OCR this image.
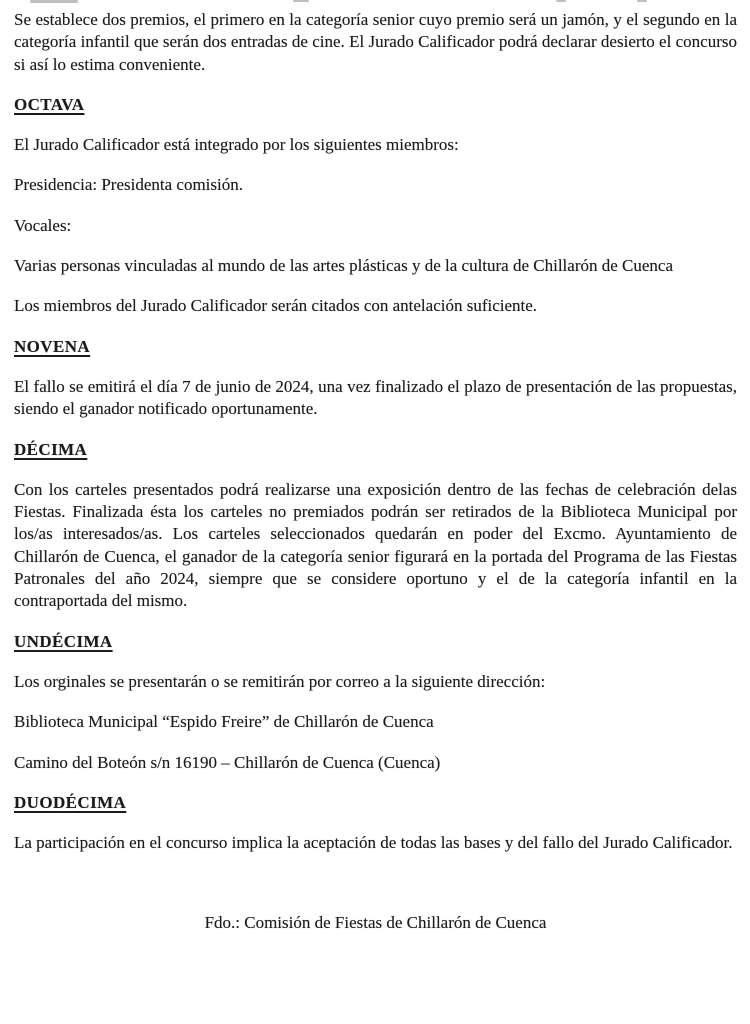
Se establece dos premios, el primero en la categoría senior cuyo premio será un jamón, y el segundo en la categoría infantil que serán dos entradas de cine. El Jurado Calificador podrá declarar desierto el concurso si así lo estima conveniente.

OCTAVA

El Jurado Calificador está integrado por los siguientes miembros:

Presidencia: Presidenta comisión.

Vocales:

Varias personas vinculadas al mundo de las artes plásticas y de la cultura de Chillarón de Cuenca

Los miembros del Jurado Calificador serán citados con antelación suficiente.

NOVENA

El fallo se emitirá el día 7 de junio de 2024, una vez finalizado el plazo de presentación de las propuestas, siendo el ganador notificado oportunamente.

DÉCIMA

Con los carteles presentados podrá realizarse una exposición dentro de las fechas de celebración delas Fiestas. Finalizada ésta los carteles no premiados podrán ser retirados de la Biblioteca Municipal por los/as interesados/as. Los carteles seleccionados quedarán en poder del Excmo. Ayuntamiento de Chillarón de Cuenca, el ganador de la categoría senior figurará en la portada del Programa de las Fiestas Patronales del año 2024, siempre que se considere oportuno y el de la categoría infantil en la contraportada del mismo.

UNDÉCIMA

Los orginales se presentarán o se remitirán por correo a la siguiente dirección:

Biblioteca Municipal “Espido Freire” de Chillarón de Cuenca

Camino del Boteón s/n 16190 – Chillarón de Cuenca (Cuenca)

DUODÉCIMA

La participación en el concurso implica la aceptación de todas las bases y del fallo del Jurado Calificador.

Fdo.: Comisión de Fiestas de Chillarón de Cuenca
